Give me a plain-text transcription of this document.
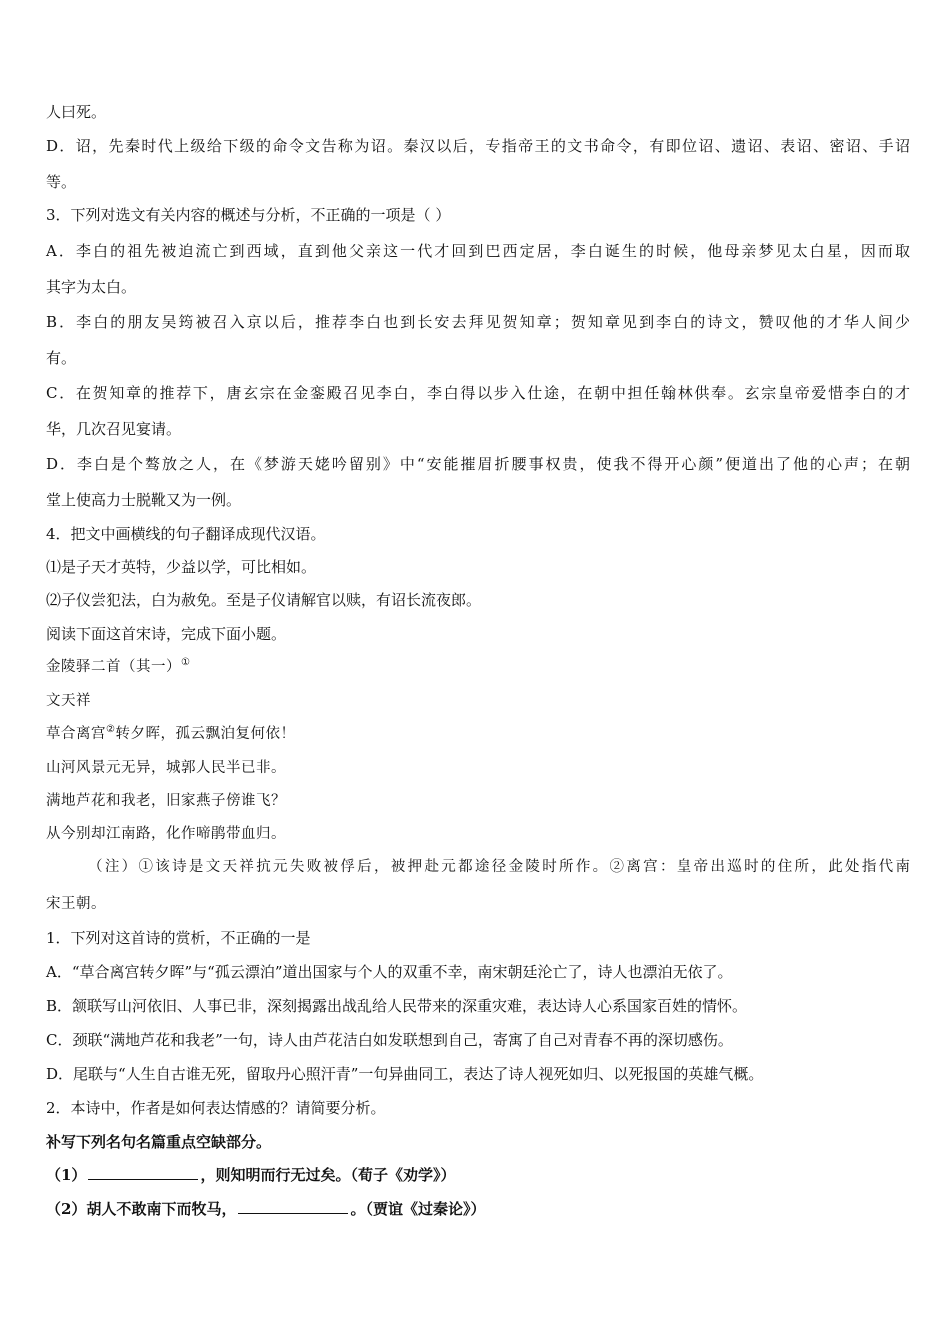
人曰死。
D．诏，先秦时代上级给下级的命令文告称为诏。秦汉以后，专指帝王的文书命令，有即位诏、遗诏、表诏、密诏、手诏
等。
3．下列对选文有关内容的概述与分析，不正确的一项是（ ）
A．李白的祖先被迫流亡到西域，直到他父亲这一代才回到巴西定居，李白诞生的时候，他母亲梦见太白星，因而取
其字为太白。
B．李白的朋友吴筠被召入京以后，推荐李白也到长安去拜见贺知章；贺知章见到李白的诗文，赞叹他的才华人间少
有。
C．在贺知章的推荐下，唐玄宗在金銮殿召见李白，李白得以步入仕途，在朝中担任翰林供奉。玄宗皇帝爱惜李白的才
华，几次召见宴请。
D．李白是个骜放之人，在《梦游天姥吟留别》中“安能摧眉折腰事权贵，使我不得开心颜”便道出了他的心声；在朝
堂上使高力士脱靴又为一例。
4．把文中画横线的句子翻译成现代汉语。
⑴是子天才英特，少益以学，可比相如。
⑵子仪尝犯法，白为赦免。至是子仪请解官以赎，有诏长流夜郎。
阅读下面这首宋诗，完成下面小题。
金陵驿二首（其一）①
文天祥
草合离宫②转夕晖，孤云飘泊复何依！
山河风景元无异，城郭人民半已非。
满地芦花和我老，旧家燕子傍谁飞？
从今别却江南路，化作啼鹃带血归。
（注）①该诗是文天祥抗元失败被俘后，被押赴元都途径金陵时所作。②离宫：皇帝出巡时的住所，此处指代南
宋王朝。
1．下列对这首诗的赏析，不正确的一是
A．“草合离宫转夕晖”与“孤云漂泊”道出国家与个人的双重不幸，南宋朝廷沦亡了，诗人也漂泊无依了。
B．颔联写山河依旧、人事已非，深刻揭露出战乱给人民带来的深重灾难，表达诗人心系国家百姓的情怀。
C．颈联“满地芦花和我老”一句，诗人由芦花洁白如发联想到自己，寄寓了自己对青春不再的深切感伤。
D．尾联与“人生自古谁无死，留取丹心照汗青”一句异曲同工，表达了诗人视死如归、以死报国的英雄气概。
2．本诗中，作者是如何表达情感的？请简要分析。
补写下列名句名篇重点空缺部分。
（1）	，则知明而行无过矣。（荀子《劝学》）
（2）胡人不敢南下而牧马，	。（贾谊《过秦论》）
